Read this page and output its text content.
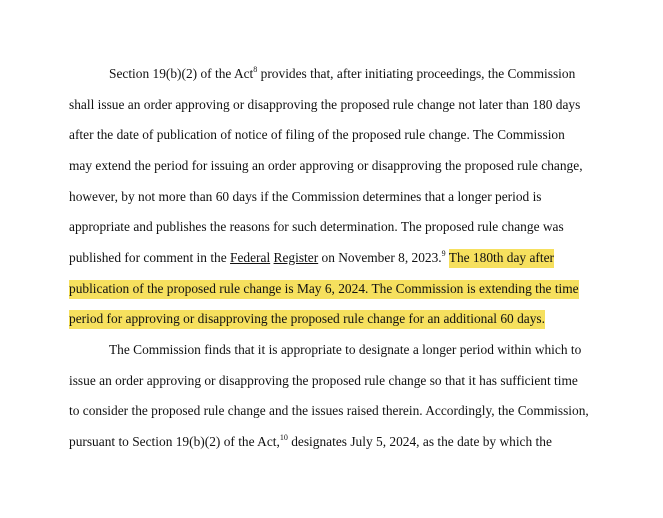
Section 19(b)(2) of the Act$^8$ provides that, after initiating proceedings, the Commission
shall issue an order approving or disapproving the proposed rule change not later than 180 days
after the date of publication of notice of filing of the proposed rule change. The Commission
may extend the period for issuing an order approving or disapproving the proposed rule change,
however, by not more than 60 days if the Commission determines that a longer period is
appropriate and publishes the reasons for such determination. The proposed rule change was
published for comment in the Federal Register on November 8, 2023.$^9$ The 180th day after
publication of the proposed rule change is May 6, 2024. The Commission is extending the time
period for approving or disapproving the proposed rule change for an additional 60 days.
The Commission finds that it is appropriate to designate a longer period within which to
issue an order approving or disapproving the proposed rule change so that it has sufficient time
to consider the proposed rule change and the issues raised therein. Accordingly, the Commission,
pursuant to Section 19(b)(2) of the Act,$^{10}$ designates July 5, 2024, as the date by which the
